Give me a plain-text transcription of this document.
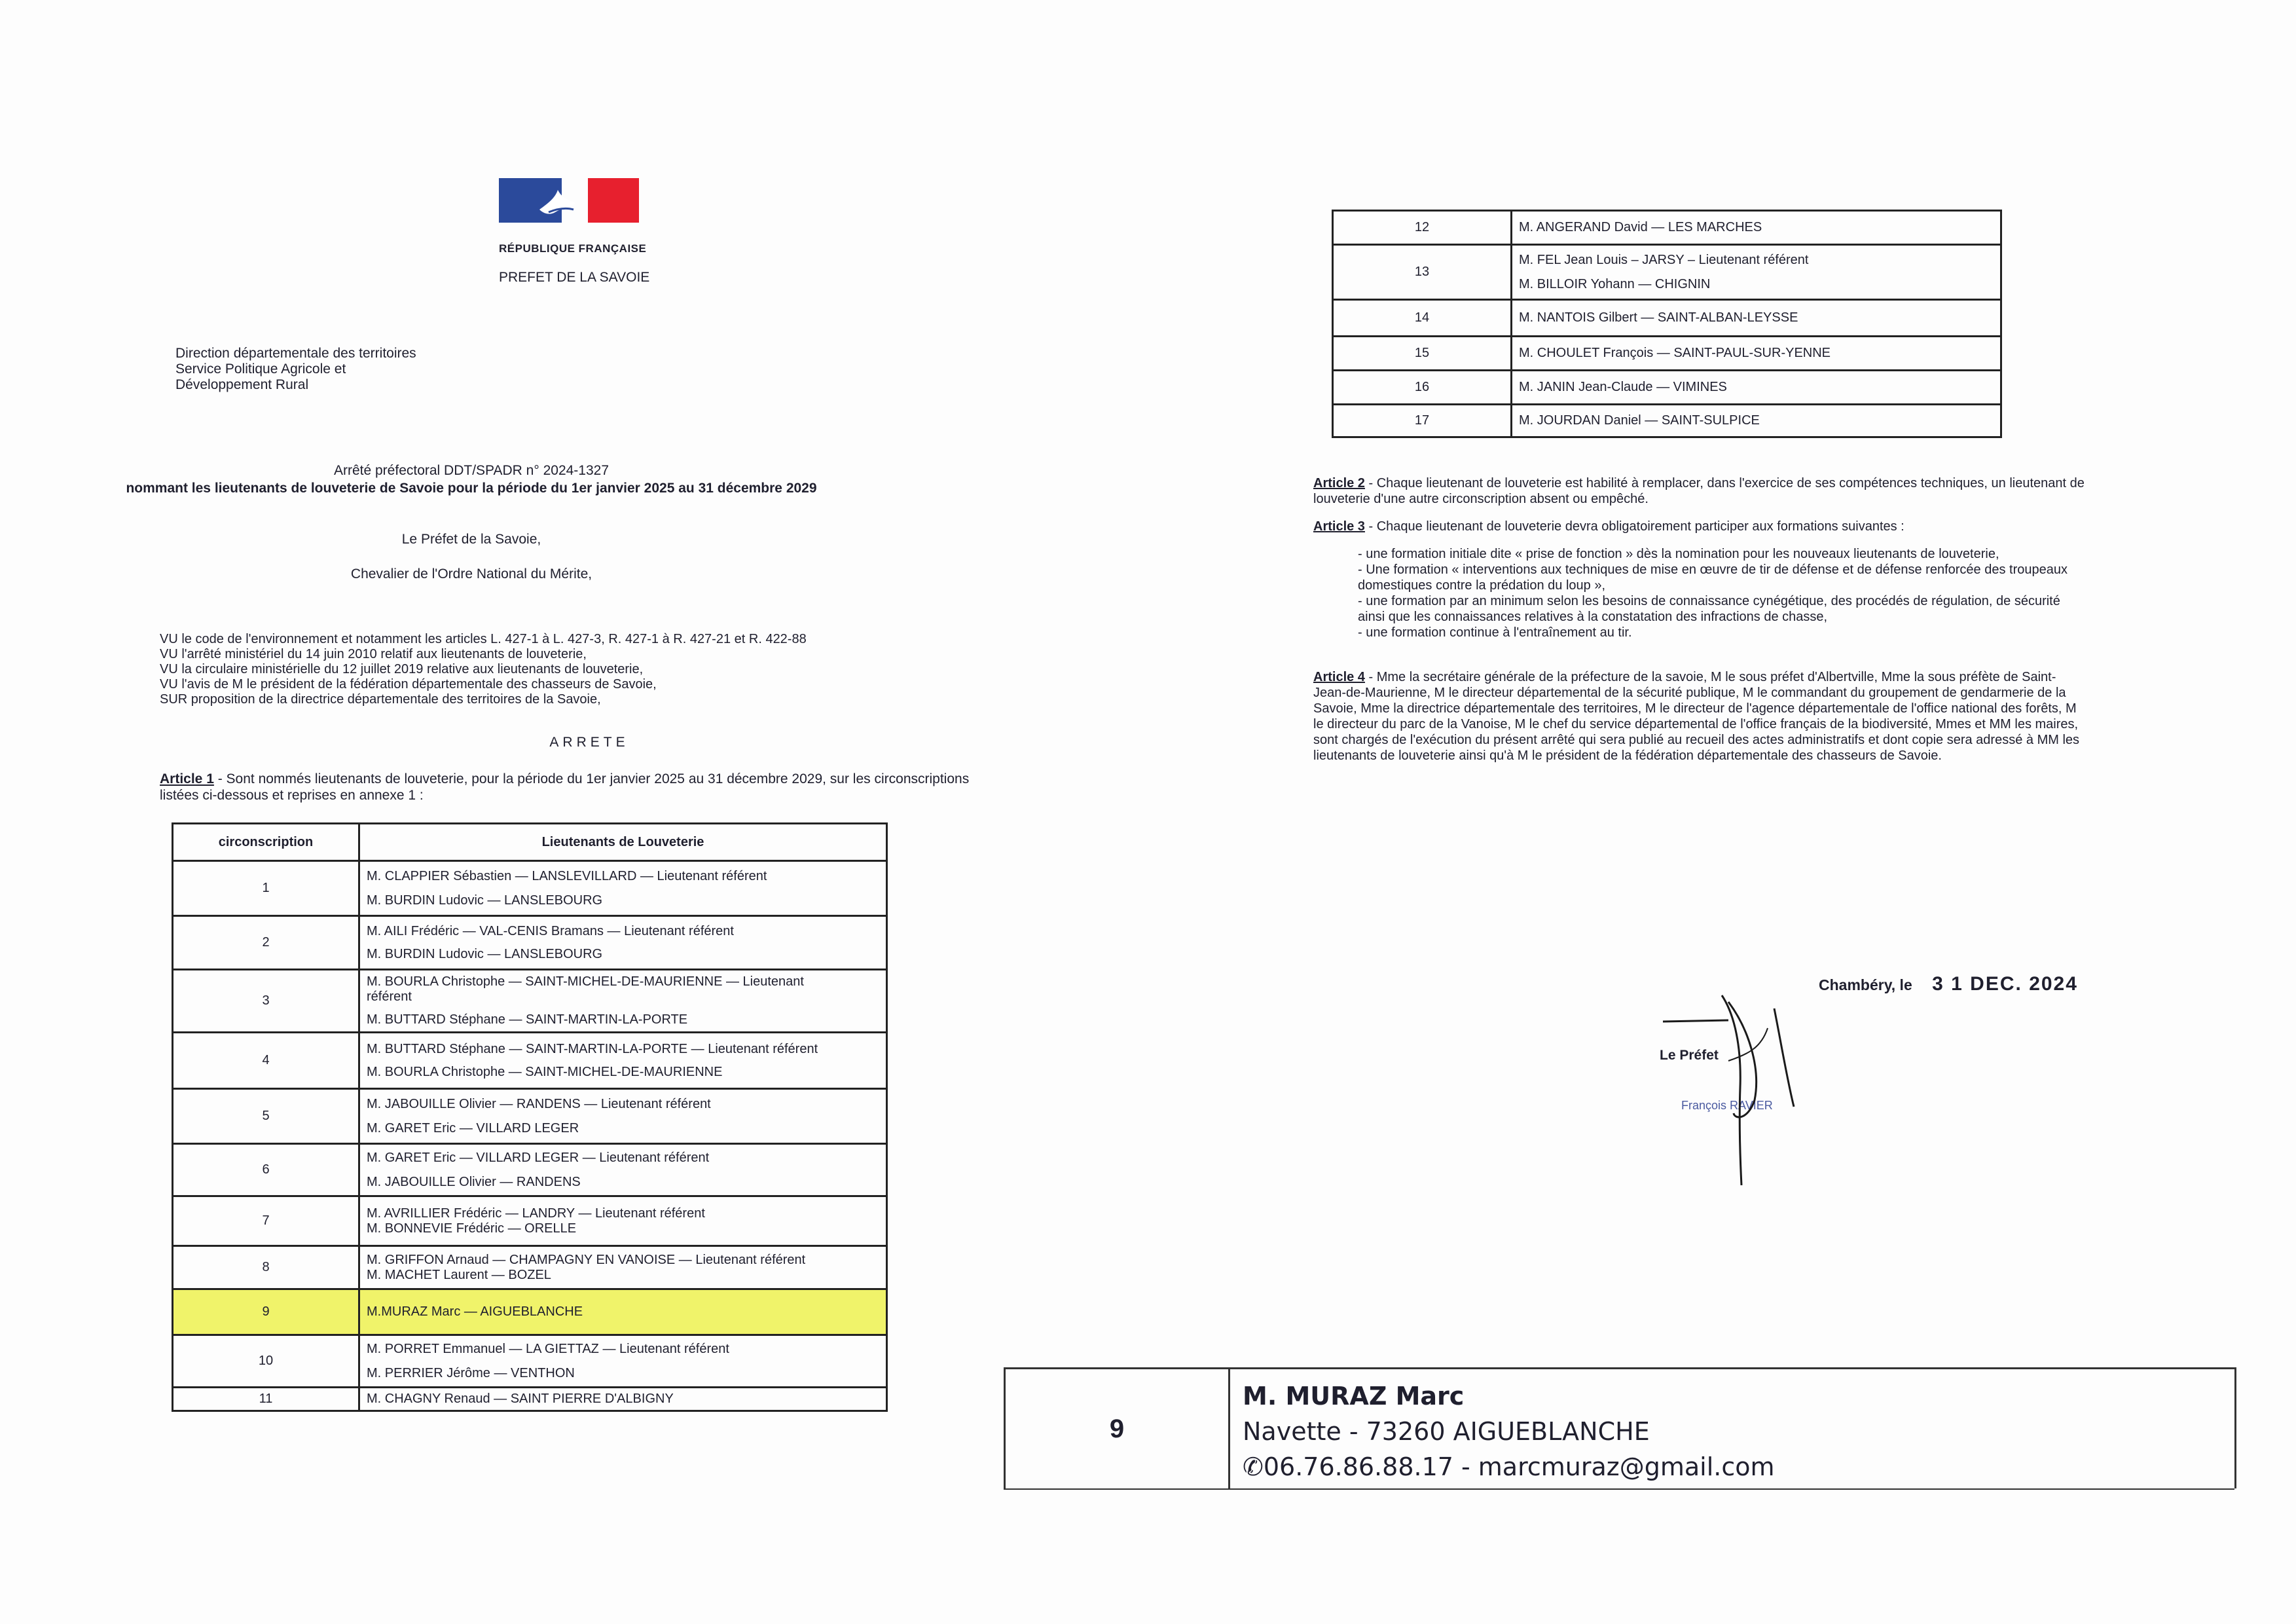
RÉPUBLIQUE FRANÇAISE
PREFET DE LA SAVOIE
Direction départementale des territoires
Service Politique Agricole et
Développement Rural
Arrêté préfectoral DDT/SPADR n° 2024-1327
nommant les lieutenants de louveterie de Savoie pour la période du 1er janvier 2025 au 31 décembre 2029
Le Préfet de la Savoie,
Chevalier de l'Ordre National du Mérite,
VU le code de l'environnement et notamment les articles L. 427-1 à L. 427-3, R. 427-1 à R. 427-21 et R. 422-88
VU l'arrêté ministériel du 14 juin 2010 relatif aux lieutenants de louveterie,
VU la circulaire ministérielle du 12 juillet 2019 relative aux lieutenants de louveterie,
VU l'avis de M le président de la fédération départementale des chasseurs de Savoie,
SUR proposition de la directrice départementale des territoires de la Savoie,
ARRETE
Article 1 - Sont nommés lieutenants de louveterie, pour la période du 1er janvier 2025 au 31 décembre 2029, sur les circonscriptions listées ci-dessous et reprises en annexe 1 :
circonscription	Lieutenants de Louveterie
1	M. CLAPPIER Sébastien — LANSLEVILLARD — Lieutenant référent
M. BURDIN Ludovic — LANSLEBOURG

2	M. AILI Frédéric — VAL-CENIS Bramans — Lieutenant référent
M. BURDIN Ludovic — LANSLEBOURG

3	M. BOURLA Christophe — SAINT-MICHEL-DE-MAURIENNE — Lieutenant
référent
M. BUTTARD Stéphane — SAINT-MARTIN-LA-PORTE

4	M. BUTTARD Stéphane — SAINT-MARTIN-LA-PORTE — Lieutenant référent
M. BOURLA Christophe — SAINT-MICHEL-DE-MAURIENNE

5	M. JABOUILLE Olivier — RANDENS — Lieutenant référent
M. GARET Eric — VILLARD LEGER

6	M. GARET Eric — VILLARD LEGER — Lieutenant référent
M. JABOUILLE Olivier — RANDENS

7	M. AVRILLIER Frédéric — LANDRY — Lieutenant référent
M. BONNEVIE Frédéric — ORELLE

8	M. GRIFFON Arnaud — CHAMPAGNY EN VANOISE — Lieutenant référent
M. MACHET Laurent — BOZEL

9	M.MURAZ Marc — AIGUEBLANCHE

10	M. PORRET Emmanuel — LA GIETTAZ — Lieutenant référent
M. PERRIER Jérôme — VENTHON

11	M. CHAGNY Renaud — SAINT PIERRE D'ALBIGNY
12	M. ANGERAND David — LES MARCHES

13	M. FEL Jean Louis – JARSY – Lieutenant référent
M. BILLOIR Yohann — CHIGNIN

14	M. NANTOIS Gilbert — SAINT-ALBAN-LEYSSE

15	M. CHOULET François — SAINT-PAUL-SUR-YENNE

16	M. JANIN Jean-Claude — VIMINES

17	M. JOURDAN Daniel — SAINT-SULPICE

Article 2 - Chaque lieutenant de louveterie est habilité à remplacer, dans l'exercice de ses compétences techniques, un lieutenant de louveterie d'une autre circonscription absent ou empêché.

Article 3 - Chaque lieutenant de louveterie devra obligatoirement participer aux formations suivantes :

- une formation initiale dite « prise de fonction » dès la nomination pour les nouveaux lieutenants de louveterie,
- Une formation « interventions aux techniques de mise en œuvre de tir de défense et de défense renforcée des troupeaux domestiques contre la prédation du loup »,
- une formation par an minimum selon les besoins de connaissance cynégétique, des procédés de régulation, de sécurité ainsi que les connaissances relatives à la constatation des infractions de chasse,
- une formation continue à l'entraînement au tir.

Article 4 - Mme la secrétaire générale de la préfecture de la savoie, M le sous préfet d'Albertville, Mme la sous préfète de Saint-Jean-de-Maurienne, M le directeur départemental de la sécurité publique, M le commandant du groupement de gendarmerie de la Savoie, Mme la directrice départementale des territoires, M le directeur de l'agence départementale de l'office national des forêts, M le directeur du parc de la Vanoise, M le chef du service départemental de l'office français de la biodiversité, Mmes et MM les maires, sont chargés de l'exécution du présent arrêté qui sera publié au recueil des actes administratifs et dont copie sera adressé à MM les lieutenants de louveterie ainsi qu'à M le président de la fédération départementale des chasseurs de Savoie.

Chambéry, le 3 1 DEC. 2024
Le Préfet
François RAVIER
9
M. MURAZ Marc
Navette - 73260 AIGUEBLANCHE
✆06.76.86.88.17 - marcmuraz@gmail.com
